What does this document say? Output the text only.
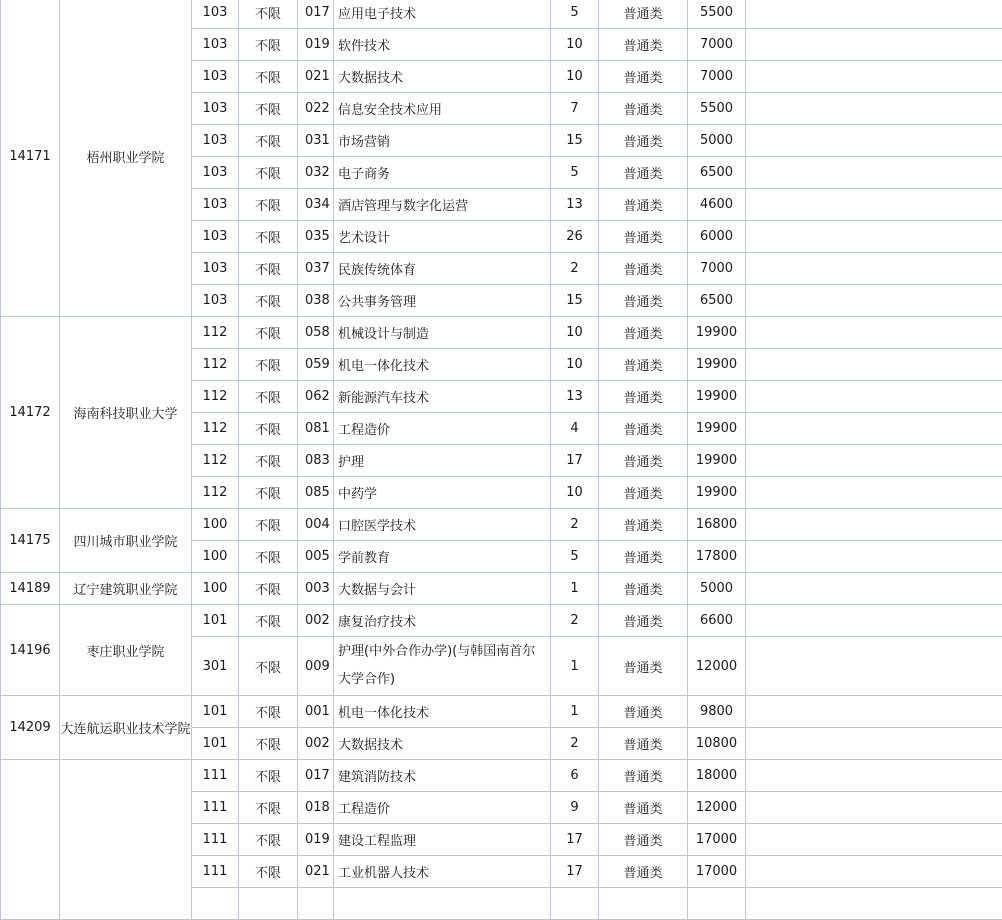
14171	梧州职业学院	103	不限	017	应用电子技术	5	普通类	5500	
		103	不限	019	软件技术	10	普通类	7000	
		103	不限	021	大数据技术	10	普通类	7000	
		103	不限	022	信息安全技术应用	7	普通类	5500	
		103	不限	031	市场营销	15	普通类	5000	
		103	不限	032	电子商务	5	普通类	6500	
		103	不限	034	酒店管理与数字化运营	13	普通类	4600	
		103	不限	035	艺术设计	26	普通类	6000	
		103	不限	037	民族传统体育	2	普通类	7000	
		103	不限	038	公共事务管理	15	普通类	6500	
14172	海南科技职业大学	112	不限	058	机械设计与制造	10	普通类	19900	
		112	不限	059	机电一体化技术	10	普通类	19900	
		112	不限	062	新能源汽车技术	13	普通类	19900	
		112	不限	081	工程造价	4	普通类	19900	
		112	不限	083	护理	17	普通类	19900	
		112	不限	085	中药学	10	普通类	19900	
14175	四川城市职业学院	100	不限	004	口腔医学技术	2	普通类	16800	
		100	不限	005	学前教育	5	普通类	17800	
14189	辽宁建筑职业学院	100	不限	003	大数据与会计	1	普通类	5000	
14196	枣庄职业学院	101	不限	002	康复治疗技术	2	普通类	6600	
		301	不限	009	护理(中外合作办学)(与韩国南首尔大学合作)	1	普通类	12000	
14209	大连航运职业技术学院	101	不限	001	机电一体化技术	1	普通类	9800	
		101	不限	002	大数据技术	2	普通类	10800	
		111	不限	017	建筑消防技术	6	普通类	18000	
		111	不限	018	工程造价	9	普通类	12000	
		111	不限	019	建设工程监理	17	普通类	17000	
		111	不限	021	工业机器人技术	17	普通类	17000	
